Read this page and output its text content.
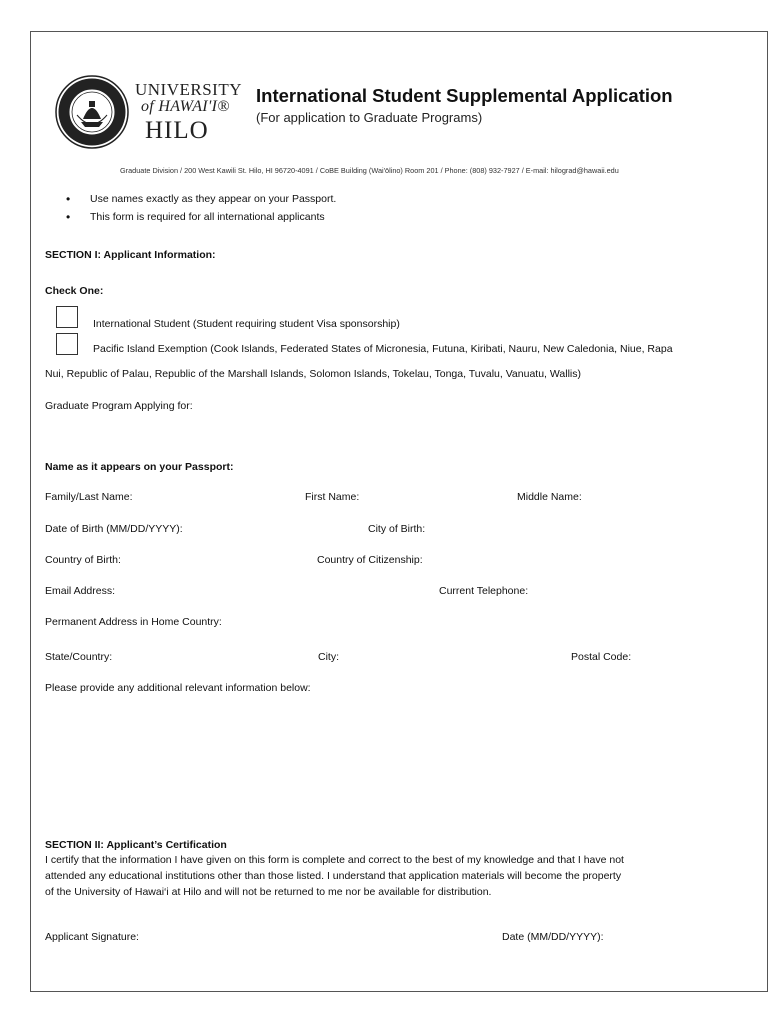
UNIVERSITY
of HAWAI'I®
HILO
International Student Supplemental Application
(For application to Graduate Programs)
Graduate Division / 200 West Kawili St. Hilo, HI 96720-4091 / CoBE Building (Wai'ōlino) Room 201 / Phone: (808) 932-7927 / E-mail: hilograd@hawaii.edu
• Use names exactly as they appear on your Passport.
• This form is required for all international applicants
SECTION I: Applicant Information:
Check One:
International Student (Student requiring student Visa sponsorship)
Pacific Island Exemption (Cook Islands, Federated States of Micronesia, Futuna, Kiribati, Nauru, New Caledonia, Niue, Rapa
Nui, Republic of Palau, Republic of the Marshall Islands, Solomon Islands, Tokelau, Tonga, Tuvalu, Vanuatu, Wallis)
Graduate Program Applying for:
Name as it appears on your Passport:
Family/Last Name:	First Name:	Middle Name:
Date of Birth (MM/DD/YYYY):	City of Birth:
Country of Birth:	Country of Citizenship:
Email Address:	Current Telephone:
Permanent Address in Home Country:
State/Country:	City:	Postal Code:
Please provide any additional relevant information below:
SECTION II: Applicant’s Certification
I certify that the information I have given on this form is complete and correct to the best of my knowledge and that I have not
attended any educational institutions other than those listed. I understand that application materials will become the property
of the University of Hawai‘i at Hilo and will not be returned to me nor be available for distribution.
Applicant Signature:	Date (MM/DD/YYYY):
